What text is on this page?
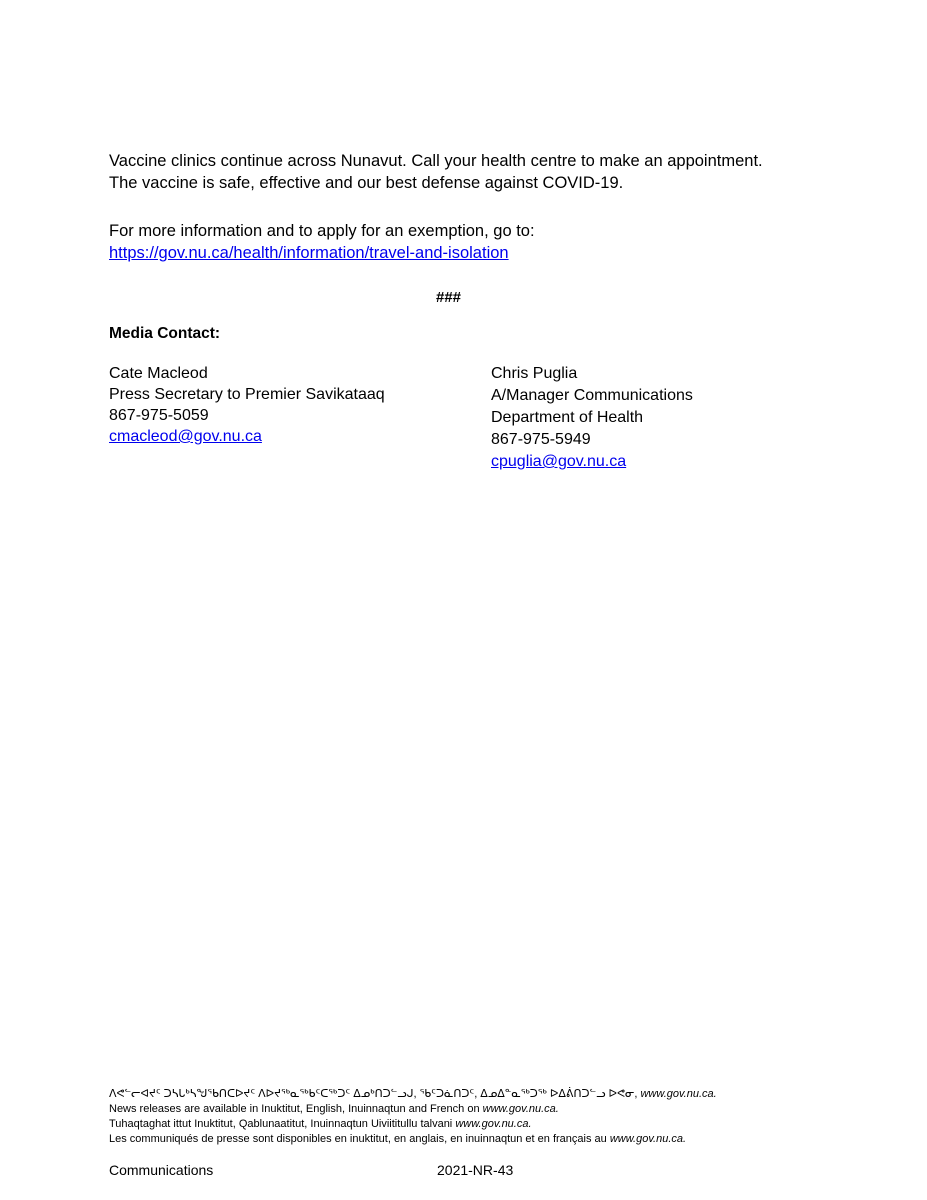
Vaccine clinics continue across Nunavut. Call your health centre to make an appointment.
The vaccine is safe, effective and our best defense against COVID-19.
For more information and to apply for an exemption, go to:
https://gov.nu.ca/health/information/travel-and-isolation
###
Media Contact:
Cate Macleod
Press Secretary to Premier Savikataaq
867-975-5059
cmacleod@gov.nu.ca
Chris Puglia
A/Manager Communications
Department of Health
867-975-5949
cpuglia@gov.nu.ca
ᐱᕙᓪᓕᐊᔪᑦ ᑐᓴᒐᒃᓴᖑᖃᑎᑕᐅᔪᑦ ᐱᐅᔪᖅᓇᖅᑲᑦᑕᖅᑐᑦ ᐃᓄᒃᑎᑐᓪᓗᒍ, ᖃᑦᑐᓈᑎᑐᑦ, ᐃᓄᐃᓐᓇᖅᑐᖅ ᐅᐃᕖᑎᑐᓪᓗ ᐅᕙᓂ, www.gov.nu.ca.
News releases are available in Inuktitut, English, Inuinnaqtun and French on www.gov.nu.ca.
Tuhaqtaghat ittut Inuktitut, Qablunaatitut, Inuinnaqtun Uiviititullu talvani www.gov.nu.ca.
Les communiqués de presse sont disponibles en inuktitut, en anglais, en inuinnaqtun et en français au www.gov.nu.ca.
Communications	2021-NR-43
